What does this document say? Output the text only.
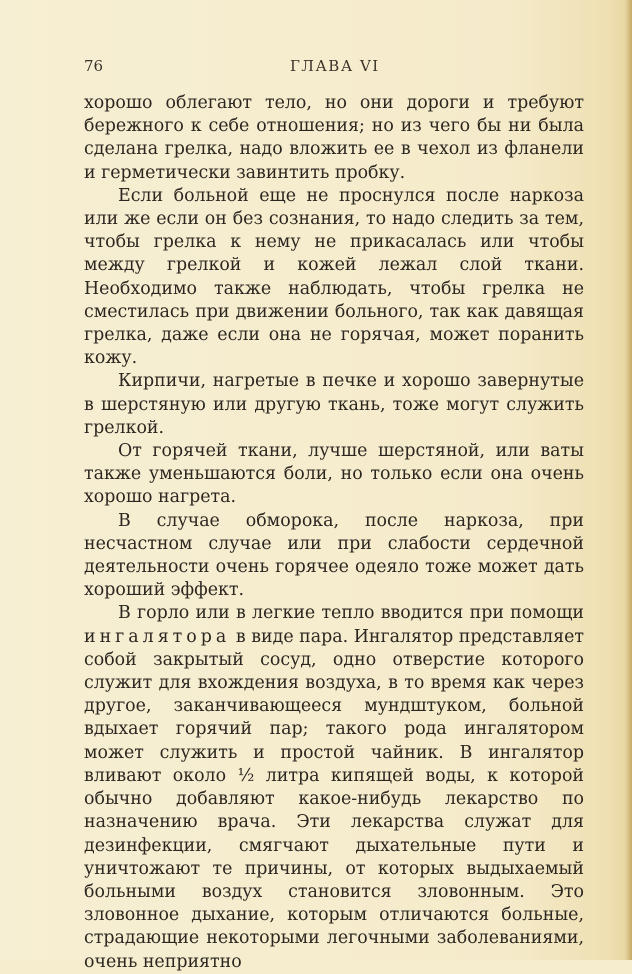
76	ГЛАВА VI

хорошо облегают тело, но они дороги и требуют бережного к себе отношения; но из чего бы ни была сделана грелка, надо вложить ее в чехол из фланели и герметически завинтить пробку.

Если больной еще не проснулся после наркоза или же если он без сознания, то надо следить за тем, чтобы грелка к нему не прикасалась или чтобы между грелкой и кожей лежал слой ткани. Необходимо также наблюдать, чтобы грелка не сместилась при движении больного, так как давящая грелка, даже если она не горячая, может поранить кожу.

Кирпичи, нагретые в печке и хорошо завернутые в шерстяную или другую ткань, тоже могут служить грелкой.

От горячей ткани, лучше шерстяной, или ваты также уменьшаются боли, но только если она очень хорошо нагрета.

В случае обморока, после наркоза, при несчастном случае или при слабости сердечной деятельности очень горячее одеяло тоже может дать хороший эффект.

В горло или в легкие тепло вводится при помощи ингалятора в виде пара. Ингалятор представляет собой закрытый сосуд, одно отверстие которого служит для вхождения воздуха, в то время как через другое, заканчивающееся мундштуком, больной вдыхает горячий пар; такого рода ингалятором может служить и простой чайник. В ингалятор вливают около ½ литра кипящей воды, к которой обычно добавляют какое-нибудь лекарство по назначению врача. Эти лекарства служат для дезинфекции, смягчают дыхательные пути и уничтожают те причины, от которых выдыхаемый больными воздух становится зловонным. Это зловонное дыхание, которым отличаются больные, страдающие некоторыми легочными заболеваниями, очень неприятно
